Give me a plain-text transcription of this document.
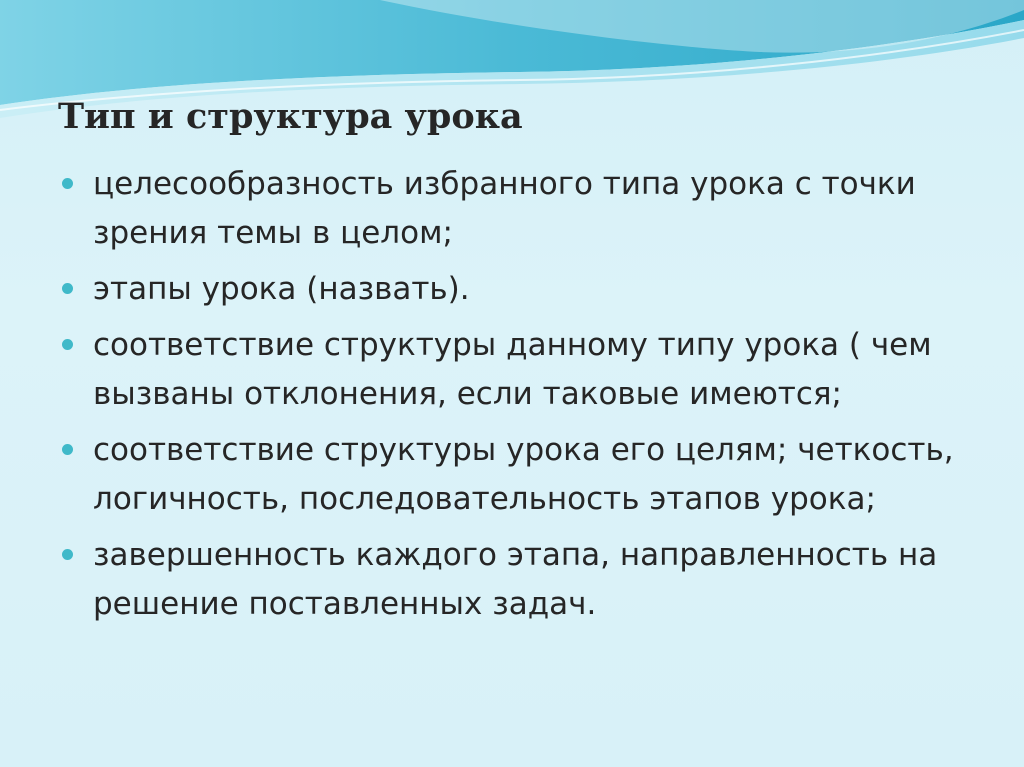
Тип и структура урока
целесообразность избранного типа урока с точки зрения темы в целом;
этапы урока (назвать).
соответствие структуры данному типу урока ( чем вызваны отклонения, если таковые имеются;
соответствие структуры урока его целям; четкость, логичность, последовательность этапов урока;
завершенность каждого этапа, направленность на решение поставленных задач.
